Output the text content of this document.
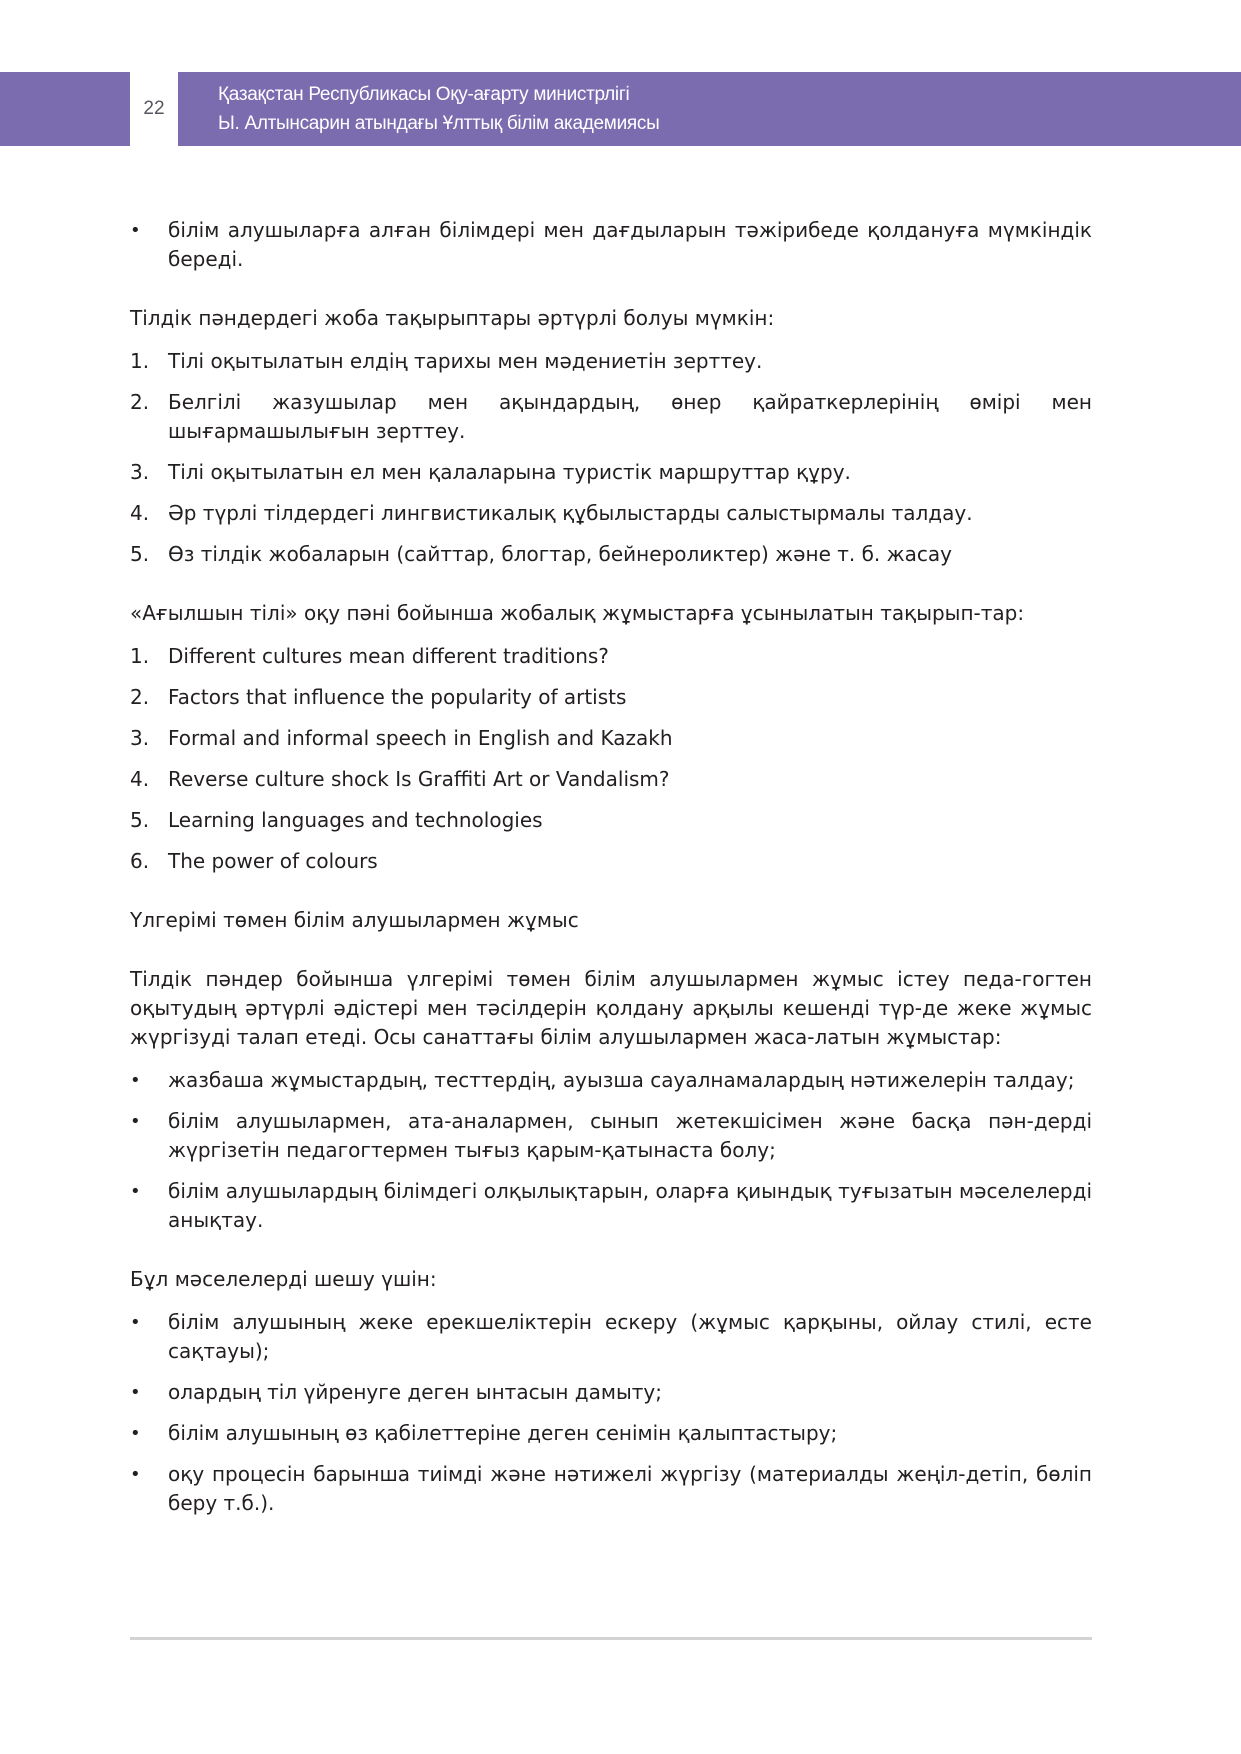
22
Қазақстан Республикасы Оқу-ағарту министрлігі
Ы. Алтынсарин атындағы Ұлттық білім академиясы
• білім алушыларға алған білімдері мен дағдыларын тәжірибеде қолдануға мүмкіндік береді.

Тілдік пәндердегі жоба тақырыптары әртүрлі болуы мүмкін:

1. Тілі оқытылатын елдің тарихы мен мәдениетін зерттеу.
2. Белгілі жазушылар мен ақындардың, өнер қайраткерлерінің өмірі мен шығармашылығын зерттеу.
3. Тілі оқытылатын ел мен қалаларына туристік маршруттар құру.
4. Әр түрлі тілдердегі лингвистикалық құбылыстарды салыстырмалы талдау.
5. Өз тілдік жобаларын (сайттар, блогтар, бейнероликтер) және т. б. жасау

«Ағылшын тілі» оқу пәні бойынша жобалық жұмыстарға ұсынылатын тақырып-тар:

1. Different cultures mean different traditions?
2. Factors that influence the popularity of artists
3. Formal and informal speech in English and Kazakh
4. Reverse culture shock Is Graffiti Art or Vandalism?
5. Learning languages and technologies
6. The power of colours

Үлгерімі төмен білім алушылармен жұмыс

Тілдік пәндер бойынша үлгерімі төмен білім алушылармен жұмыс істеу педа-гогтен оқытудың әртүрлі әдістері мен тәсілдерін қолдану арқылы кешенді түр-де жеке жұмыс жүргізуді талап етеді. Осы санаттағы білім алушылармен жаса-латын жұмыстар:

• жазбаша жұмыстардың, тесттердің, ауызша сауалнамалардың нәтижелерін талдау;
• білім алушылармен, ата-аналармен, сынып жетекшісімен және басқа пән-дерді жүргізетін педагогтермен тығыз қарым-қатынаста болу;
• білім алушылардың білімдегі олқылықтарын, оларға қиындық туғызатын мәселелерді анықтау.

Бұл мәселелерді шешу үшін:

• білім алушының жеке ерекшеліктерін ескеру (жұмыс қарқыны, ойлау стилі, есте сақтауы);
• олардың тіл үйренуге деген ынтасын дамыту;
• білім алушының өз қабілеттеріне деген сенімін қалыптастыру;
• оқу процесін барынша тиімді және нәтижелі жүргізу (материалды жеңіл-детіп, бөліп беру т.б.).
